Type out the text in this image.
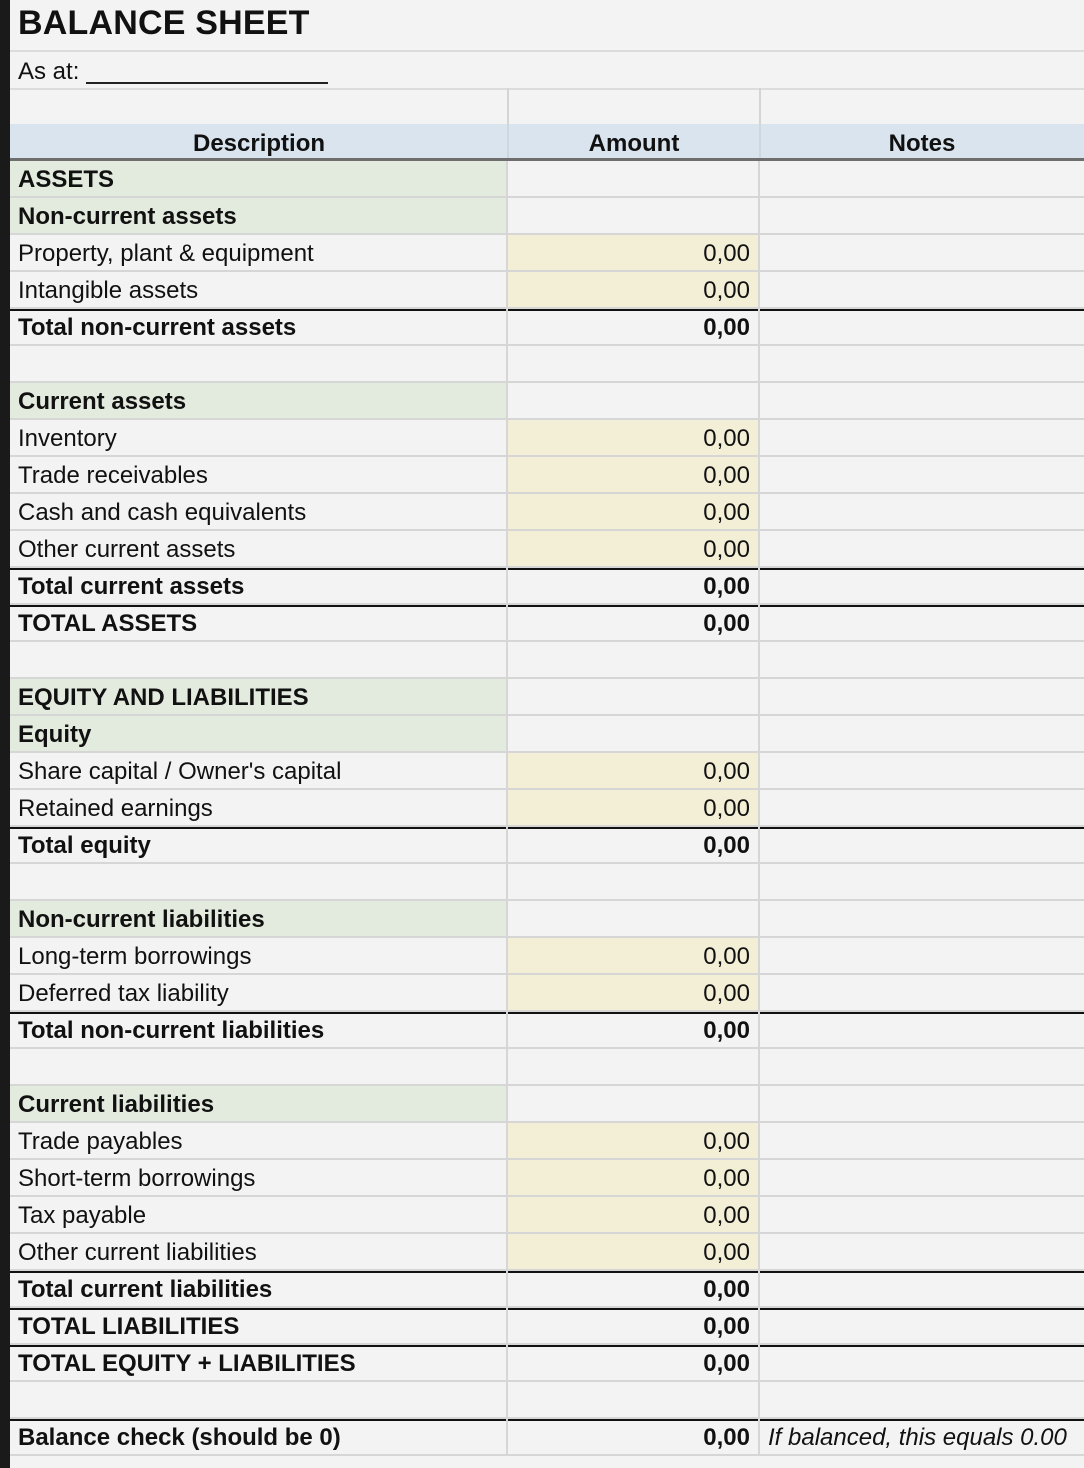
BALANCE SHEET
As at:
Description	Amount	Notes
ASSETS
Non-current assets
Property, plant & equipment	0,00
Intangible assets	0,00
Total non-current assets	0,00
Current assets
Inventory	0,00
Trade receivables	0,00
Cash and cash equivalents	0,00
Other current assets	0,00
Total current assets	0,00
TOTAL ASSETS	0,00
EQUITY AND LIABILITIES
Equity
Share capital / Owner's capital	0,00
Retained earnings	0,00
Total equity	0,00
Non-current liabilities
Long-term borrowings	0,00
Deferred tax liability	0,00
Total non-current liabilities	0,00
Current liabilities
Trade payables	0,00
Short-term borrowings	0,00
Tax payable	0,00
Other current liabilities	0,00
Total current liabilities	0,00
TOTAL LIABILITIES	0,00
TOTAL EQUITY + LIABILITIES	0,00
Balance check (should be 0)	0,00 If balanced, this equals 0.00
